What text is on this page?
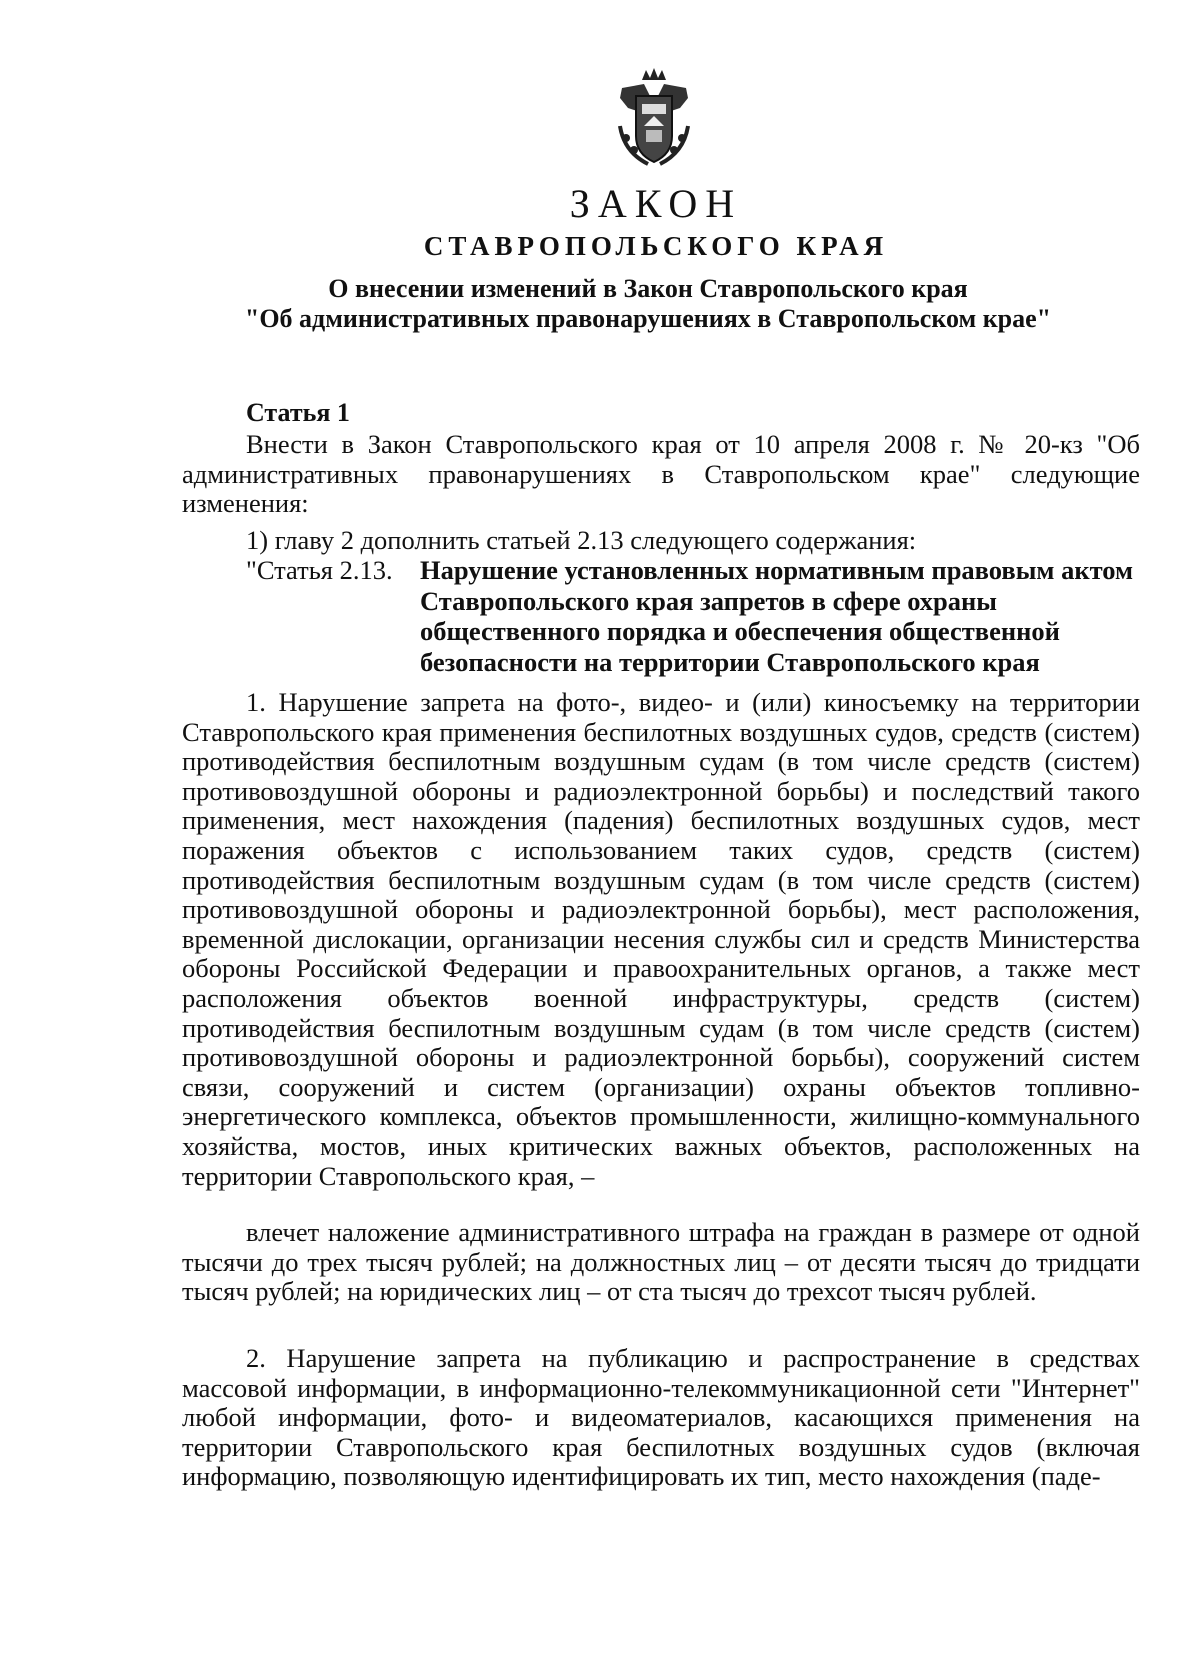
ЗАКОН
СТАВРОПОЛЬСКОГО КРАЯ
О внесении изменений в Закон Ставропольского края
"Об административных правонарушениях в Ставропольском крае"
Статья 1

Внести в Закон Ставропольского края от 10 апреля 2008 г. № 20-кз "Об административных правонарушениях в Ставропольском крае" следующие изменения:

1) главу 2 дополнить статьей 2.13 следующего содержания:
"Статья 2.13. Нарушение установленных нормативным правовым актом Ставропольского края запретов в сфере охраны общественного порядка и обеспечения общественной безопасности на территории Ставропольского края

1. Нарушение запрета на фото-, видео- и (или) киносъемку на территории Ставропольского края применения беспилотных воздушных судов, средств (систем) противодействия беспилотным воздушным судам (в том числе средств (систем) противовоздушной обороны и радиоэлектронной борьбы) и последствий такого применения, мест нахождения (падения) беспилотных воздушных судов, мест поражения объектов с использованием таких судов, средств (систем) противодействия беспилотным воздушным судам (в том числе средств (систем) противовоздушной обороны и радиоэлектронной борьбы), мест расположения, временной дислокации, организации несения службы сил и средств Министерства обороны Российской Федерации и правоохранительных органов, а также мест расположения объектов военной инфраструктуры, средств (систем) противодействия беспилотным воздушным судам (в том числе средств (систем) противовоздушной обороны и радиоэлектронной борьбы), сооружений систем связи, сооружений и систем (организации) охраны объектов топливно-энергетического комплекса, объектов промышленности, жилищно-коммунального хозяйства, мостов, иных критических важных объектов, расположенных на территории Ставропольского края, –

влечет наложение административного штрафа на граждан в размере от одной тысячи до трех тысяч рублей; на должностных лиц – от десяти тысяч до тридцати тысяч рублей; на юридических лиц – от ста тысяч до трехсот тысяч рублей.

2. Нарушение запрета на публикацию и распространение в средствах массовой информации, в информационно-телекоммуникационной сети "Интернет" любой информации, фото- и видеоматериалов, касающихся применения на территории Ставропольского края беспилотных воздушных судов (включая информацию, позволяющую идентифицировать их тип, место нахождения (паде-
